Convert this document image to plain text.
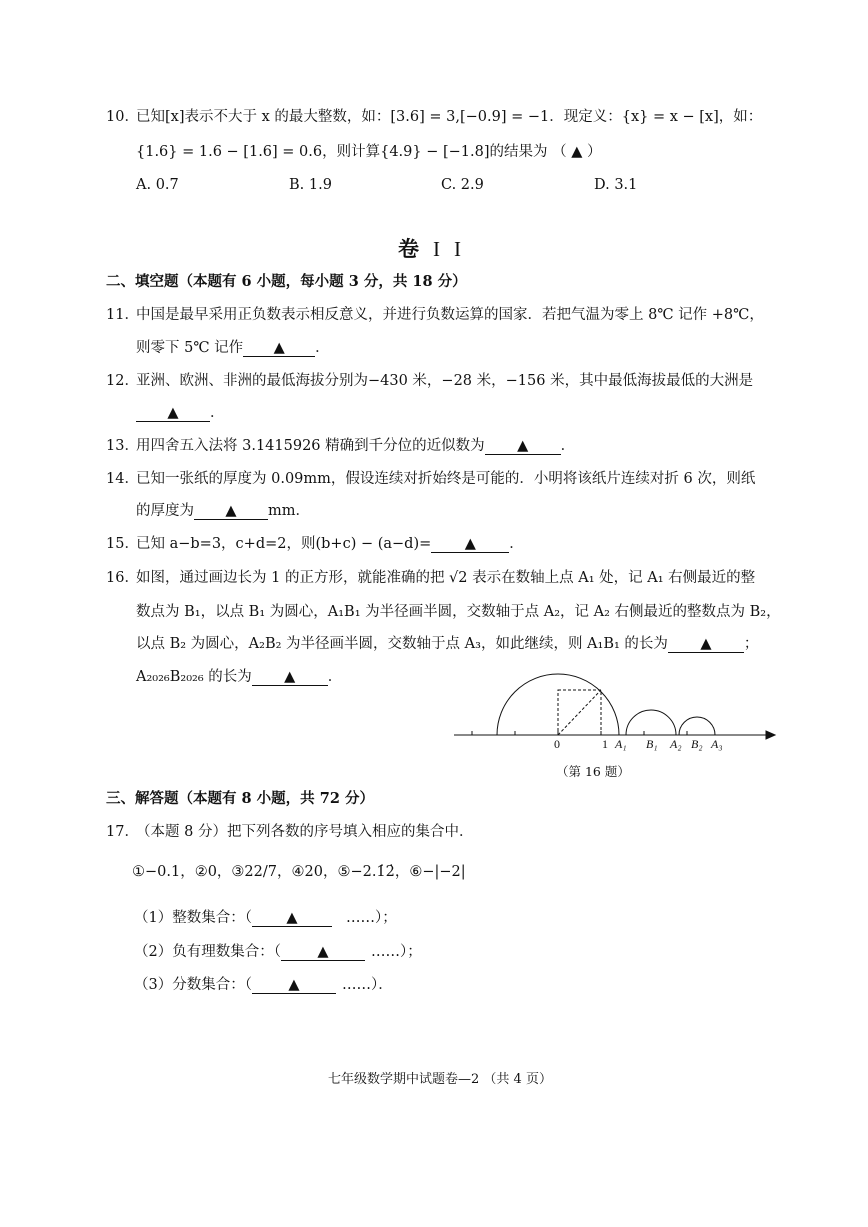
10．
已知[x]表示不大于 x 的最大整数，如：[3.6] = 3,[−0.9] = −1．现定义：{x} = x − [x]，如：
{1.6} = 1.6 − [1.6] = 0.6，则计算{4.9} − [−1.8]的结果为 （ ▲ ）
A. 0.7	B. 1.9	C. 2.9	D. 3.1
卷II
二、填空题（本题有 6 小题，每小题 3 分，共 18 分）
11．
中国是最早采用正负数表示相反意义，并进行负数运算的国家．若把气温为零上 8℃ 记作 +8℃，
则零下 5℃ 记作 ▲ ．
12．
亚洲、欧洲、非洲的最低海拔分别为−430 米，−28 米，−156 米，其中最低海拔最低的大洲是
▲ ．
13．
用四舍五入法将 3.1415926 精确到千分位的近似数为 ▲ ．
14．
已知一张纸的厚度为 0.09mm，假设连续对折始终是可能的．小明将该纸片连续对折 6 次，则纸
的厚度为 ▲ mm．
15．
已知 a−b=3，c+d=2，则(b+c) − (a−d)= ▲ ．
16．
如图，通过画边长为 1 的正方形，就能准确的把 √2 表示在数轴上点 A₁ 处，记 A₁ 右侧最近的整
数点为 B₁，以点 B₁ 为圆心，A₁B₁ 为半径画半圆，交数轴于点 A₂，记 A₂ 右侧最近的整数点为 B₂，
以点 B₂ 为圆心，A₂B₂ 为半径画半圆，交数轴于点 A₃，如此继续，则 A₁B₁ 的长为 ▲ ；
A₂₀₂₆B₂₀₂₆ 的长为 ▲ ．
0	1 A₁ B₁ A₂ B₂ A₃
（第 16 题）
三、解答题（本题有 8 小题，共 72 分）
17．
（本题 8 分）把下列各数的序号填入相应的集合中．
①−0.1，②0，③22/7，④20，⑤−2.1̇2̇，⑥−|−2|
（1）整数集合：（ ▲	……）；
（2）负有理数集合：（	▲	……）；
（3）分数集合：（	▲	……）．
七年级数学期中试题卷—2 （共 4 页）
